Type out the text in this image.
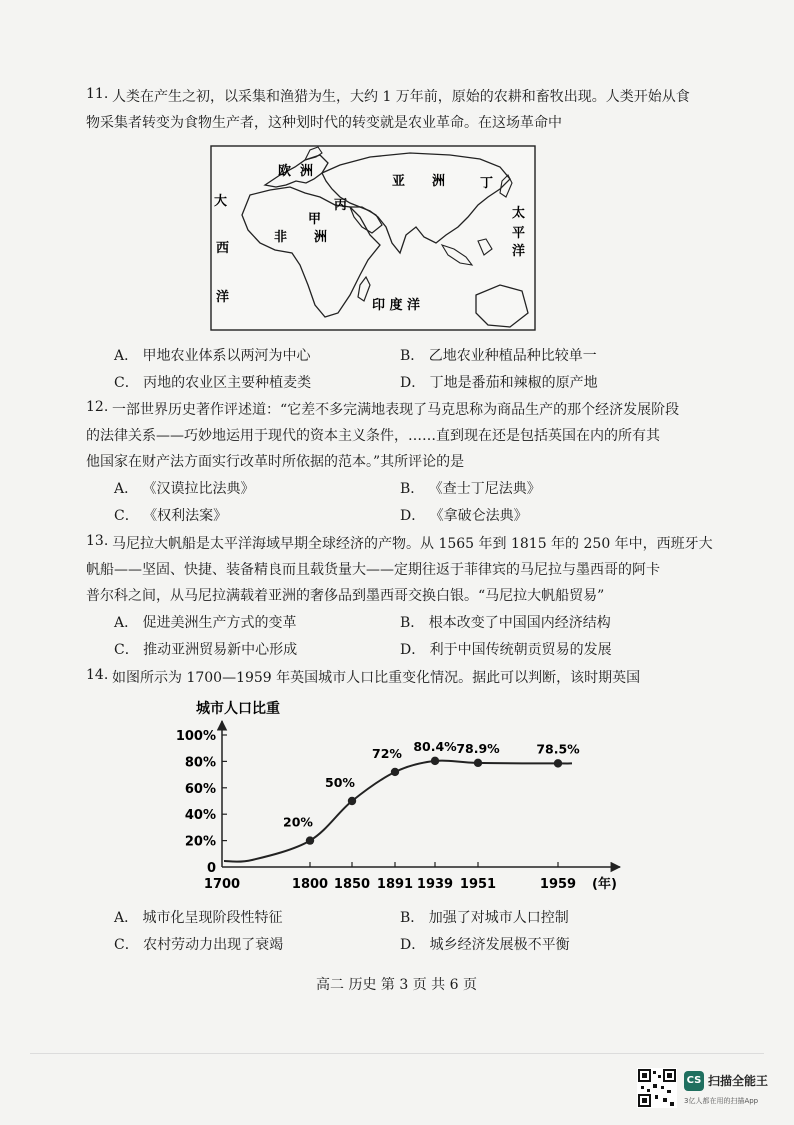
11. 人类在产生之初，以采集和渔猎为生，大约 1 万年前，原始的农耕和畜牧出现。人类开始从食
物采集者转变为食物生产者，这种划时代的转变就是农业革命。在这场革命中
欧 洲
亚 洲
大
西
洋
非 洲
印 度 洋
太
平
洋
甲
丙
丁
A． 甲地农业体系以两河为中心	B． 乙地农业种植品种比较单一
C． 丙地的农业区主要种植麦类	D． 丁地是番茄和辣椒的原产地
12. 一部世界历史著作评述道：“它差不多完满地表现了马克思称为商品生产的那个经济发展阶段
的法律关系——巧妙地运用于现代的资本主义条件，……直到现在还是包括英国在内的所有其
他国家在财产法方面实行改革时所依据的范本。”其所评论的是
A． 《汉谟拉比法典》	B． 《查士丁尼法典》
C． 《权利法案》	D． 《拿破仑法典》
13. 马尼拉大帆船是太平洋海域早期全球经济的产物。从 1565 年到 1815 年的 250 年中，西班牙大
帆船——坚固、快捷、装备精良而且载货量大——定期往返于菲律宾的马尼拉与墨西哥的阿卡
普尔科之间，从马尼拉满载着亚洲的奢侈品到墨西哥交换白银。“马尼拉大帆船贸易”
A． 促进美洲生产方式的变革	B． 根本改变了中国国内经济结构
C． 推动亚洲贸易新中心形成	D． 利于中国传统朝贡贸易的发展
14. 如图所示为 1700—1959 年英国城市人口比重变化情况。据此可以判断，该时期英国
城市人口比重
0
20%
40%
60%
80%
100%
1700	1800 1850 1891 1939 1951	1959
20%
50%
72% 80.4% 78.9%	78.5%
(年)
A． 城市化呈现阶段性特征	B． 加强了对城市人口控制
C． 农村劳动力出现了衰竭	D． 城乡经济发展极不平衡
高二 历史 第 3 页 共 6 页
CS 扫描全能王
3亿人都在用的扫描App
